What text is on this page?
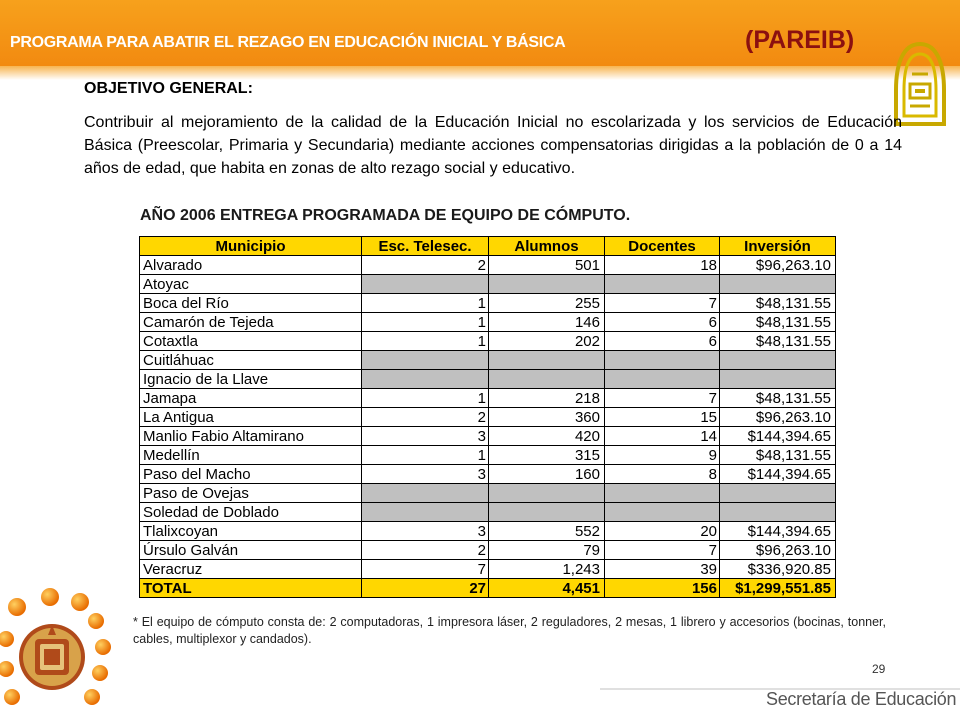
PROGRAMA PARA ABATIR EL REZAGO EN EDUCACIÓN INICIAL Y BÁSICA	(PAREIB)
OBJETIVO GENERAL:
Contribuir al mejoramiento de la calidad de la Educación Inicial no escolarizada y los servicios de Educación Básica (Preescolar, Primaria y Secundaria) mediante acciones compensatorias dirigidas a la población de 0 a 14 años de edad, que habita en zonas de alto rezago social y educativo.
AÑO 2006 ENTREGA PROGRAMADA DE EQUIPO DE CÓMPUTO.
Municipio	Esc. Telesec.	Alumnos	Docentes	Inversión
Alvarado	2	501	18	$96,263.10
Atoyac				
Boca del Río	1	255	7	$48,131.55
Camarón de Tejeda	1	146	6	$48,131.55
Cotaxtla	1	202	6	$48,131.55
Cuitláhuac				
Ignacio de la Llave				
Jamapa	1	218	7	$48,131.55
La Antigua	2	360	15	$96,263.10
Manlio Fabio Altamirano	3	420	14	$144,394.65
Medellín	1	315	9	$48,131.55
Paso del Macho	3	160	8	$144,394.65
Paso de Ovejas				
Soledad de Doblado				
Tlalixcoyan	3	552	20	$144,394.65
Úrsulo Galván	2	79	7	$96,263.10
Veracruz	7	1,243	39	$336,920.85
TOTAL	27	4,451	156	$1,299,551.85
* El equipo de cómputo consta de: 2 computadoras, 1 impresora láser, 2 reguladores, 2 mesas, 1 librero y accesorios (bocinas, tonner, cables, multiplexor y candados).
29
Secretaría de Educación
